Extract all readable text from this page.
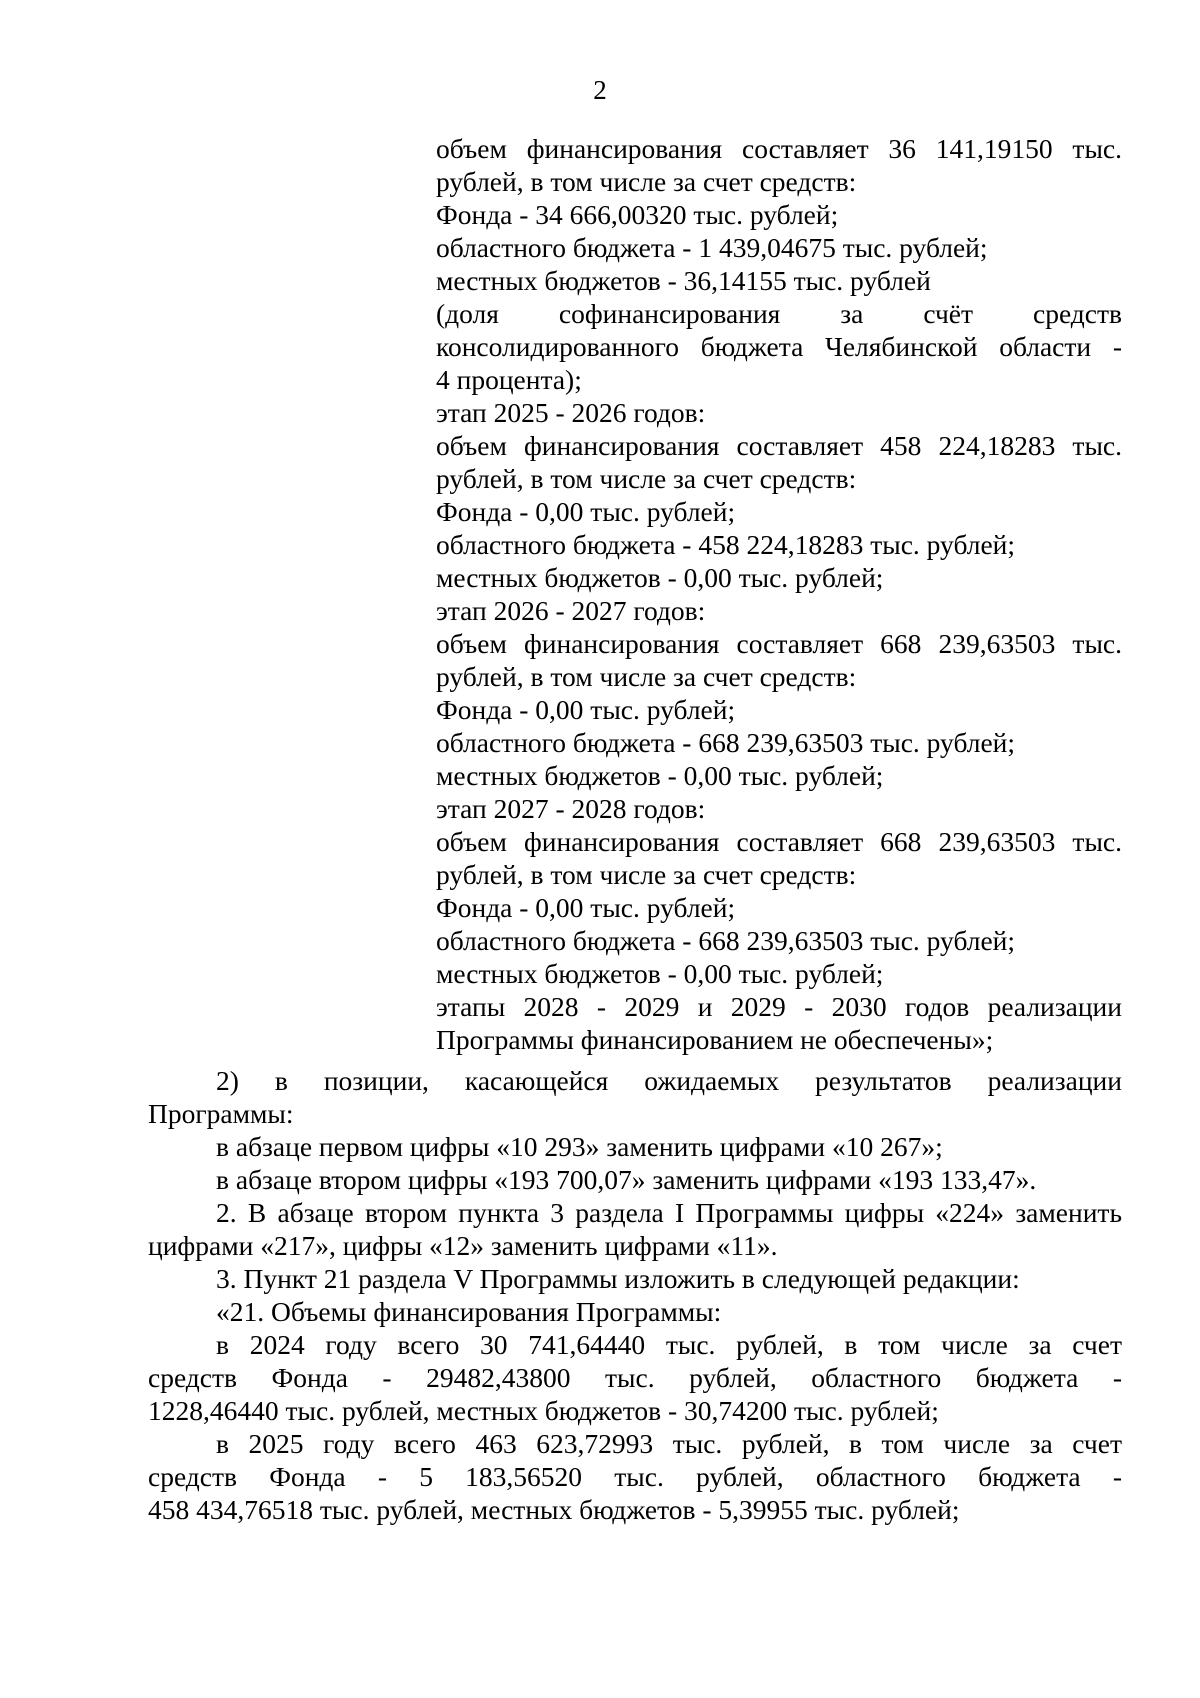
2
объем финансирования составляет 36 141,19150 тыс.
рублей, в том числе за счет средств:
Фонда - 34 666,00320 тыс. рублей;
областного бюджета - 1 439,04675 тыс. рублей;
местных бюджетов - 36,14155 тыс. рублей
(доля софинансирования за счёт средств
консолидированного бюджета Челябинской области -
4 процента);
этап 2025 - 2026 годов:
объем финансирования составляет 458 224,18283 тыс.
рублей, в том числе за счет средств:
Фонда - 0,00 тыс. рублей;
областного бюджета - 458 224,18283 тыс. рублей;
местных бюджетов - 0,00 тыс. рублей;
этап 2026 - 2027 годов:
объем финансирования составляет 668 239,63503 тыс.
рублей, в том числе за счет средств:
Фонда - 0,00 тыс. рублей;
областного бюджета - 668 239,63503 тыс. рублей;
местных бюджетов - 0,00 тыс. рублей;
этап 2027 - 2028 годов:
объем финансирования составляет 668 239,63503 тыс.
рублей, в том числе за счет средств:
Фонда - 0,00 тыс. рублей;
областного бюджета - 668 239,63503 тыс. рублей;
местных бюджетов - 0,00 тыс. рублей;
этапы 2028 - 2029 и 2029 - 2030 годов реализации
Программы финансированием не обеспечены»;
2) в позиции, касающейся ожидаемых результатов реализации
Программы:
в абзаце первом цифры «10 293» заменить цифрами «10 267»;
в абзаце втором цифры «193 700,07» заменить цифрами «193 133,47».
2. В абзаце втором пункта 3 раздела I Программы цифры «224» заменить
цифрами «217», цифры «12» заменить цифрами «11».
3. Пункт 21 раздела V Программы изложить в следующей редакции:
«21. Объемы финансирования Программы:
в 2024 году всего 30 741,64440 тыс. рублей, в том числе за счет
средств Фонда - 29482,43800 тыс. рублей, областного бюджета -
1228,46440 тыс. рублей, местных бюджетов - 30,74200 тыс. рублей;
в 2025 году всего 463 623,72993 тыс. рублей, в том числе за счет
средств Фонда - 5 183,56520 тыс. рублей, областного бюджета -
458 434,76518 тыс. рублей, местных бюджетов - 5,39955 тыс. рублей;
